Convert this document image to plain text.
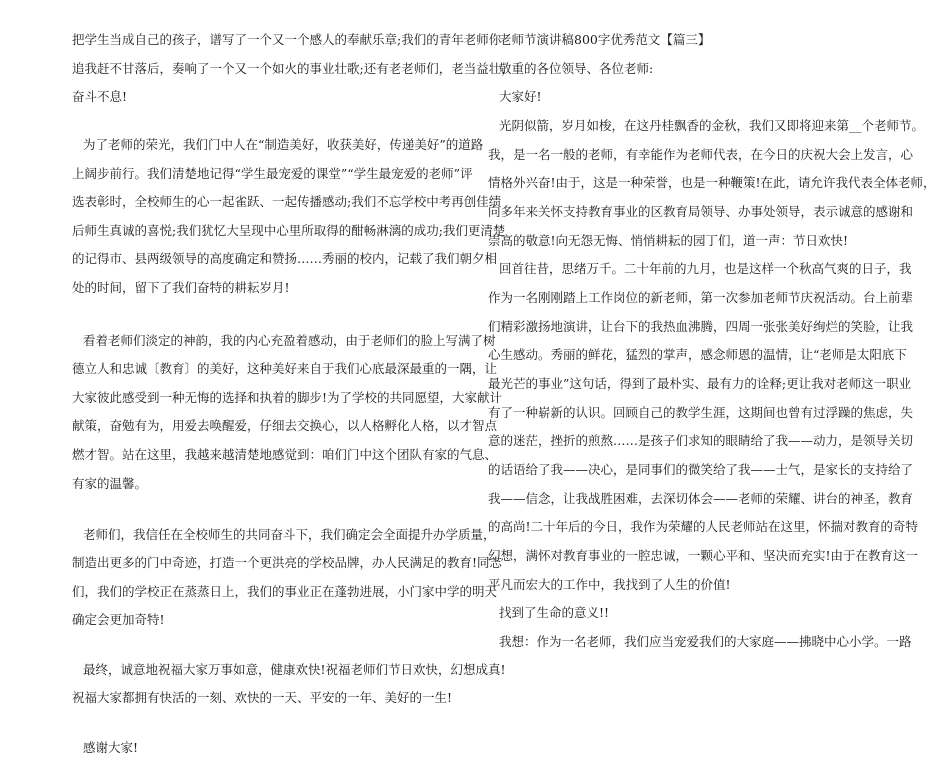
把学生当成自己的孩子，谱写了一个又一个感人的奉献乐章;我们的青年老师你
追我赶不甘落后，奏响了一个又一个如火的事业壮歌;还有老老师们，老当益壮，
奋斗不息!
为了老师的荣光，我们门中人在“制造美好，收获美好，传递美好”的道路
上阔步前行。我们清楚地记得“学生最宠爱的课堂”“学生最宠爱的老师”评
选表彰时，全校师生的心一起雀跃、一起传播感动;我们不忘学校中考再创佳绩
后师生真诚的喜悦;我们犹忆大呈现中心里所取得的酣畅淋漓的成功;我们更清楚
的记得市、县两级领导的高度确定和赞扬……秀丽的校内，记载了我们朝夕相
处的时间，留下了我们奋特的耕耘岁月!
看着老师们淡定的神韵，我的内心充盈着感动，由于老师们的脸上写满了树
德立人和忠诚〔教育〕的美好，这种美好来自于我们心底最深最重的一隅，让
大家彼此感受到一种无悔的选择和执着的脚步!为了学校的共同愿望，大家献计
献策，奋勉有为，用爱去唤醒爱，仔细去交换心，以人格孵化人格，以才智点
燃才智。站在这里，我越来越清楚地感觉到：咱们门中这个团队有家的气息、
有家的温馨。
老师们，我信任在全校师生的共同奋斗下，我们确定会全面提升办学质量，
制造出更多的门中奇迹，打造一个更洪亮的学校品牌，办人民满足的教育!同志
们，我们的学校正在蒸蒸日上，我们的事业正在蓬勃进展，小门家中学的明天
确定会更加奇特!
最终，诚意地祝福大家万事如意，健康欢快!祝福老师们节日欢快，幻想成真!
祝福大家都拥有快活的一刻、欢快的一天、平安的一年、美好的一生!
感谢大家!
老师节演讲稿800字优秀范文【篇三】
敬重的各位领导、各位老师:
大家好!
光阴似箭，岁月如梭，在这丹桂飘香的金秋，我们又即将迎来第__个老师节。
我，是一名一般的老师，有幸能作为老师代表，在今日的庆祝大会上发言，心
情格外兴奋!由于，这是一种荣誉，也是一种鞭策!在此，请允许我代表全体老师，
向多年来关怀支持教育事业的区教育局领导、办事处领导，表示诚意的感谢和
崇高的敬意!向无怨无悔、悄悄耕耘的园丁们，道一声：节日欢快!
回首往昔，思绪万千。二十年前的九月，也是这样一个秋高气爽的日子，我
作为一名刚刚踏上工作岗位的新老师，第一次参加老师节庆祝活动。台上前辈
们精彩激扬地演讲，让台下的我热血沸腾，四周一张张美好绚烂的笑脸，让我
心生感动。秀丽的鲜花，猛烈的掌声，感念师恩的温情，让“老师是太阳底下
最光芒的事业”这句话，得到了最朴实、最有力的诠释;更让我对老师这一职业
有了一种崭新的认识。回顾自己的教学生涯，这期间也曾有过浮躁的焦虑，失
意的迷茫，挫折的煎熬……是孩子们求知的眼睛给了我——动力，是领导关切
的话语给了我——决心，是同事们的微笑给了我——士气，是家长的支持给了
我——信念，让我战胜困难，去深切体会——老师的荣耀、讲台的神圣，教育
的高尚!二十年后的今日，我作为荣耀的人民老师站在这里，怀揣对教育的奇特
幻想，满怀对教育事业的一腔忠诚，一颗心平和、坚决而充实!由于在教育这一
平凡而宏大的工作中，我找到了人生的价值!
找到了生命的意义!!
我想：作为一名老师，我们应当宠爱我们的大家庭——拂晓中心小学。一路
